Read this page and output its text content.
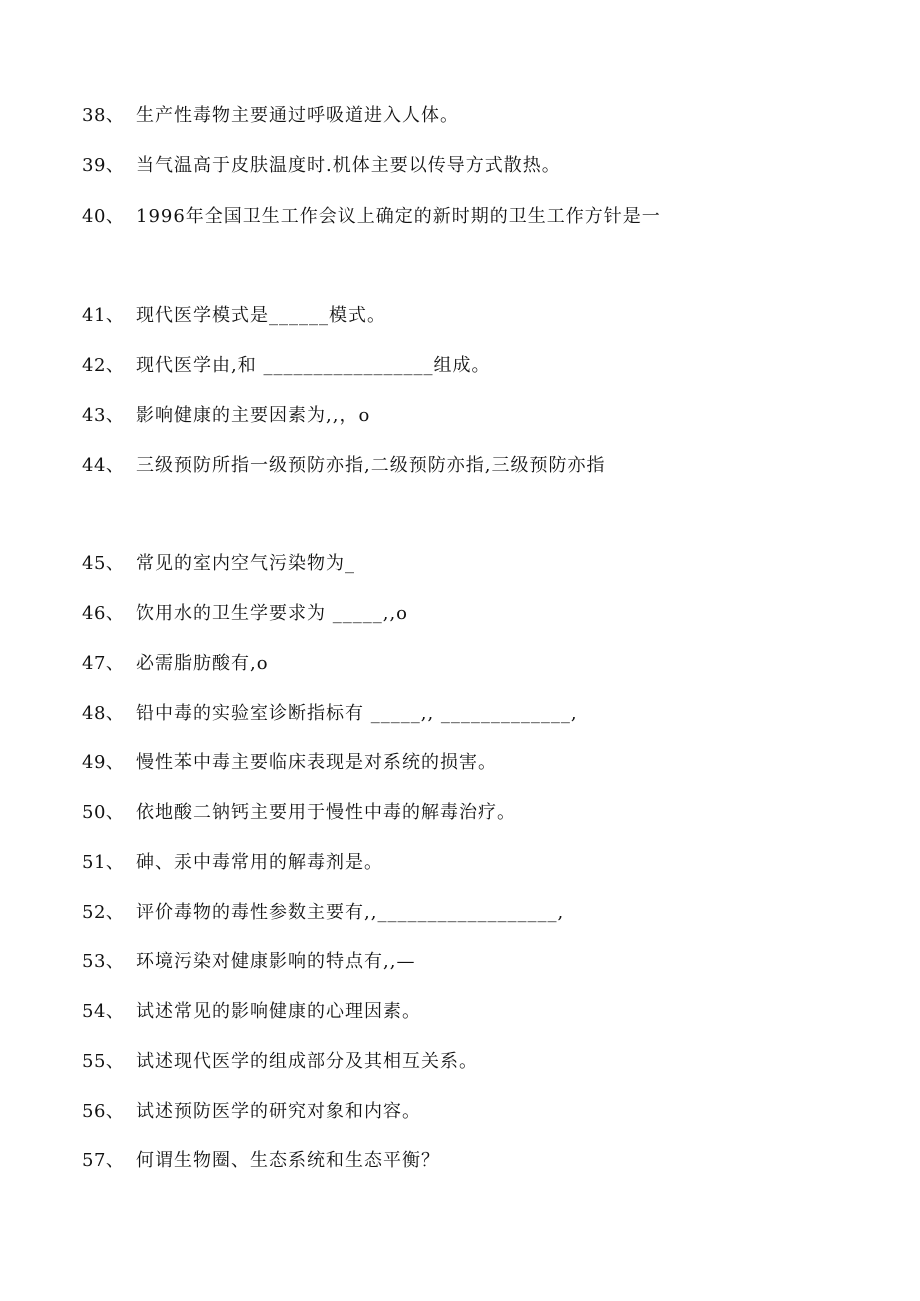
38、 生产性毒物主要通过呼吸道进入人体。
39、 当气温高于皮肤温度时.机体主要以传导方式散热。
40、 1996年全国卫生工作会议上确定的新时期的卫生工作方针是一
41、 现代医学模式是______模式。
42、 现代医学由,和 _________________组成。
43、 影响健康的主要因素为,,，o
44、 三级预防所指一级预防亦指,二级预防亦指,三级预防亦指
45、 常见的室内空气污染物为_
46、 饮用水的卫生学要求为 _____,,o
47、 必需脂肪酸有,o
48、 铅中毒的实验室诊断指标有 _____,, _____________,
49、 慢性苯中毒主要临床表现是对系统的损害。
50、 依地酸二钠钙主要用于慢性中毒的解毒治疗。
51、 砷、汞中毒常用的解毒剂是。
52、 评价毒物的毒性参数主要有,,__________________,
53、 环境污染对健康影响的特点有,,—
54、 试述常见的影响健康的心理因素。
55、 试述现代医学的组成部分及其相互关系。
56、 试述预防医学的研究对象和内容。
57、 何谓生物圈、生态系统和生态平衡？
